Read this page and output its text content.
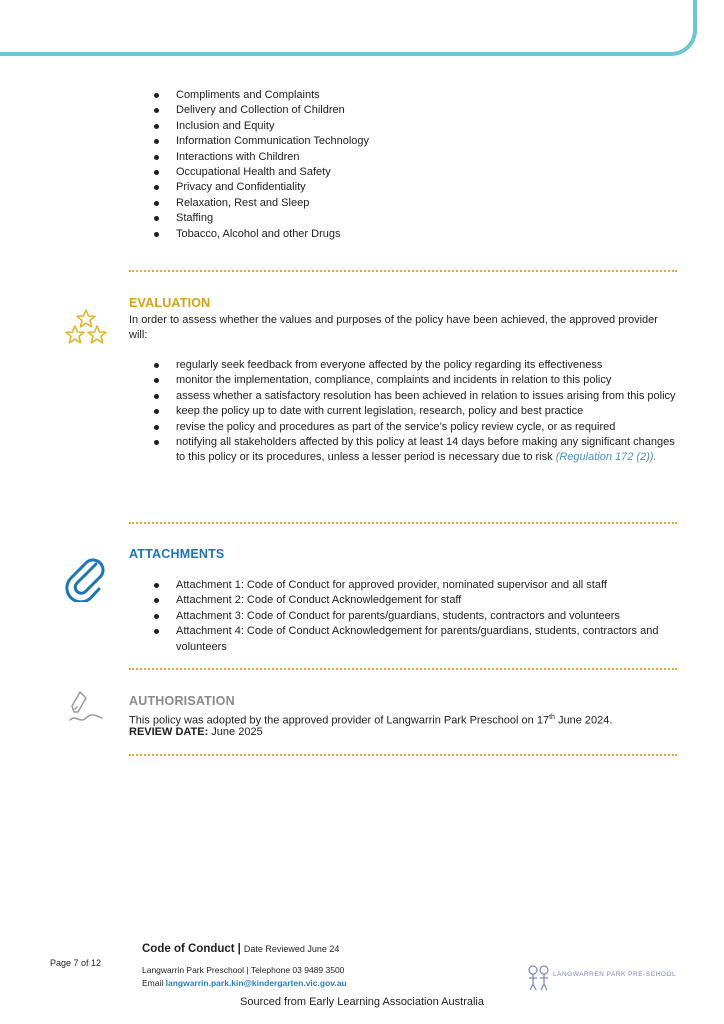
Compliments and Complaints
Delivery and Collection of Children
Inclusion and Equity
Information Communication Technology
Interactions with Children
Occupational Health and Safety
Privacy and Confidentiality
Relaxation, Rest and Sleep
Staffing
Tobacco, Alcohol and other Drugs
EVALUATION
In order to assess whether the values and purposes of the policy have been achieved, the approved provider will:
regularly seek feedback from everyone affected by the policy regarding its effectiveness
monitor the implementation, compliance, complaints and incidents in relation to this policy
assess whether a satisfactory resolution has been achieved in relation to issues arising from this policy
keep the policy up to date with current legislation, research, policy and best practice
revise the policy and procedures as part of the service’s policy review cycle, or as required
notifying all stakeholders affected by this policy at least 14 days before making any significant changes to this policy or its procedures, unless a lesser period is necessary due to risk (Regulation 172 (2)).
ATTACHMENTS
Attachment 1: Code of Conduct for approved provider, nominated supervisor and all staff
Attachment 2: Code of Conduct Acknowledgement for staff
Attachment 3: Code of Conduct for parents/guardians, students, contractors and volunteers
Attachment 4: Code of Conduct Acknowledgement for parents/guardians, students, contractors and volunteers
AUTHORISATION
This policy was adopted by the approved provider of Langwarrin Park Preschool on 17th June 2024.
REVIEW DATE: June 2025
Code of Conduct | Date Reviewed June 24
Page 7 of 12
Langwarrin Park Preschool | Telephone 03 9489 3500
Email langwarrin.park.kin@kindergarten.vic.gov.au
LANGWARREN PARK PRE-SCHOOL
Sourced from Early Learning Association Australia
